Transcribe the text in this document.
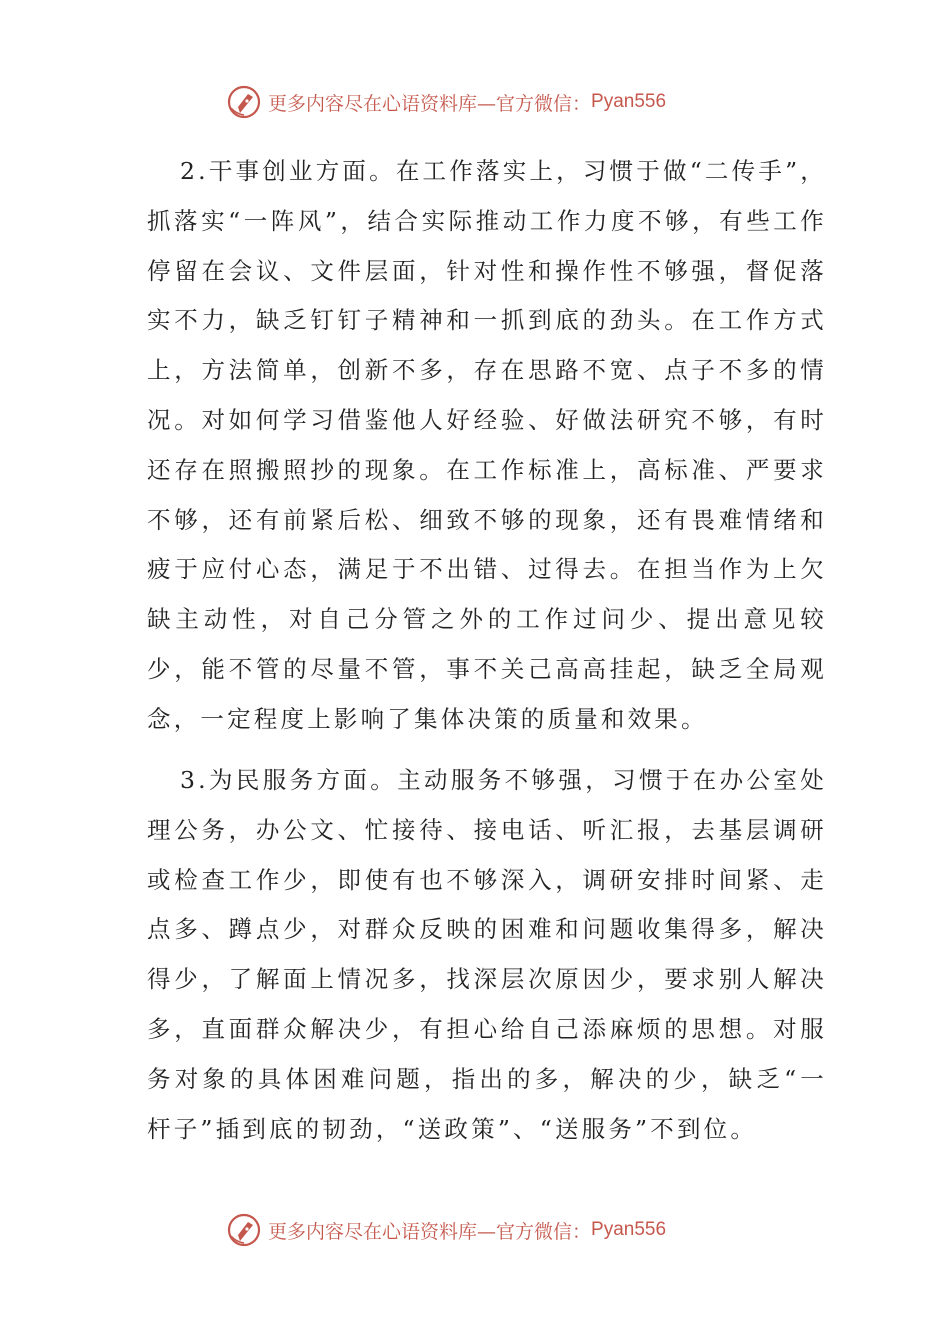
更多内容尽在心语资料库—官方微信： Pyan556

2.干事创业方面。在工作落实上，习惯于做“二传手”，抓落实“一阵风”，结合实际推动工作力度不够，有些工作停留在会议、文件层面，针对性和操作性不够强，督促落实不力，缺乏钉钉子精神和一抓到底的劲头。在工作方式上，方法简单，创新不多，存在思路不宽、点子不多的情况。对如何学习借鉴他人好经验、好做法研究不够，有时还存在照搬照抄的现象。在工作标准上，高标准、严要求不够，还有前紧后松、细致不够的现象，还有畏难情绪和疲于应付心态，满足于不出错、过得去。在担当作为上欠缺主动性，对自己分管之外的工作过问少、提出意见较少，能不管的尽量不管，事不关己高高挂起，缺乏全局观念，一定程度上影响了集体决策的质量和效果。

3.为民服务方面。主动服务不够强，习惯于在办公室处理公务，办公文、忙接待、接电话、听汇报，去基层调研或检查工作少，即使有也不够深入，调研安排时间紧、走点多、蹲点少，对群众反映的困难和问题收集得多，解决得少，了解面上情况多，找深层次原因少，要求别人解决多，直面群众解决少，有担心给自己添麻烦的思想。对服务对象的具体困难问题，指出的多，解决的少，缺乏“一杆子”插到底的韧劲，“送政策”、“送服务”不到位。

更多内容尽在心语资料库—官方微信： Pyan556
